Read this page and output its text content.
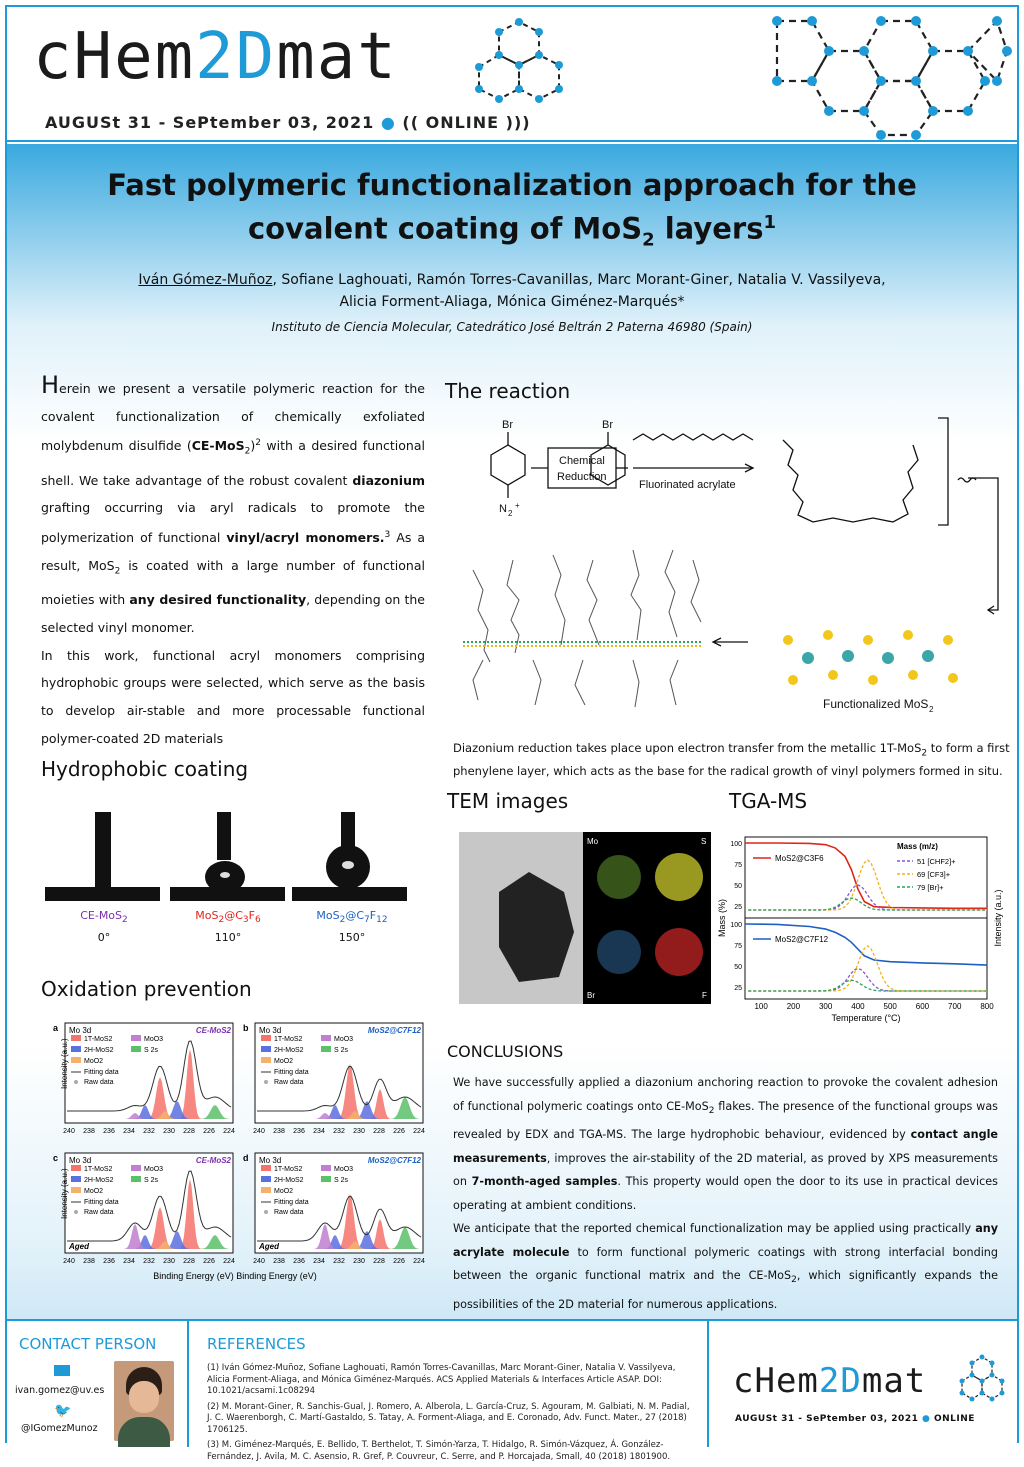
cHem2Dmat
AUGUSt 31 - SePtember 03, 2021 ● (( ONLINE )))
Fast polymeric functionalization approach for the
covalent coating of MoS$_2$ layers$^1$
Iván Gómez-Muñoz, Sofiane Laghouati, Ramón Torres-Cavanillas, Marc Morant-Giner, Natalia V. Vassilyeva,
Alicia Forment-Aliaga, Mónica Giménez-Marqués*
Instituto de Ciencia Molecular, Catedrático José Beltrán 2 Paterna 46980 (Spain)

Herein we present a versatile polymeric reaction for the covalent functionalization of chemically exfoliated molybdenum disulfide $(CE-MoS_2)^2$ with a desired functional shell. We take advantage of the robust covalent diazonium grafting occurring via aryl radicals to promote the polymerization of functional vinyl/acryl monomers.$^3$ As a result, MoS$_2$ is coated with a large number of functional moieties with any desired functionality, depending on the selected vinyl monomer.

In this work, functional acryl monomers comprising hydrophobic groups were selected, which serve as the basis to develop air-stable and more processable functional polymer-coated 2D materials

The reaction
Hydrophobic coating
Oxidation prevention
TEM images	TGA-MS
CONCLUSIONS
Br	Br
N 2
+
Chemical
Reduction
Fluorinated acrylate
Functionalized MoS 2
Diazonium reduction takes place upon electron transfer from the metallic 1T-MoS$_2$ to form a first phenylene layer, which acts as the base for the radical growth of vinyl polymers formed in situ.
CE-MoS$_2$
0°
$MoS_2@C_3F_6$
110°
$MoS_2@C_7F_{12}$
150°
a Mo 3d	CE-MoS2
1T-MoS2
2H-MoS2
MoO2
MoO3
S 2s
Fitting data
Raw data
240 238 236 234 232 230 228 226 224
Intensity (a.u.)
b Mo 3d	MoS2@C7F12
1T-MoS2
2H-MoS2
MoO2
MoO3
S 2s
Fitting data
Raw data
240 238 236 234 232 230 228 226 224
c Mo 3d	CE-MoS2
Aged
1T-MoS2
2H-MoS2
MoO2
MoO3
S 2s
Fitting data
Raw data
240 238 236 234 232 230 228 226 224
Intensity (a.u.)
d Mo 3d	MoS2@C7F12
Aged
1T-MoS2
2H-MoS2
MoO2
MoO3
S 2s
Fitting data
Raw data
240 238 236 234 232 230 228 226 224
Binding Energy (eV) Binding Energy (eV)
Mo	S
Br	F
100
75
50
25
MoS2@C3F6
100
75
50
25
MoS2@C7F12
100 200 300 400 500 600 700 800
Temperature (°C)
Mass (%)	Intensity (a.u.)
Mass (m/z)
51 [CHF2]+
69 [CF3]+
79 [Br]+

We have successfully applied a diazonium anchoring reaction to provoke the covalent adhesion of functional polymeric coatings onto CE-MoS$_2$ flakes. The presence of the functional groups was revealed by EDX and TGA-MS. The large hydrophobic behaviour, evidenced by contact angle measurements, improves the air-stability of the 2D material, as proved by XPS measurements on 7-month-aged samples. This property would open the door to its use in practical devices operating at ambient conditions.

We anticipate that the reported chemical functionalization may be applied using practically any acrylate molecule to form functional polymeric coatings with strong interfacial bonding between the organic functional matrix and the CE-MoS$_2$, which significantly expands the possibilities of the 2D material for numerous applications.

CONTACT PERSON
ivan.gomez@uv.es
🐦
@IGomezMunoz
REFERENCES

(1) Iván Gómez-Muñoz, Sofiane Laghouati, Ramón Torres-Cavanillas, Marc Morant-Giner, Natalia V. Vassilyeva, Alicia Forment-Aliaga, and Mónica Giménez-Marqués. ACS Applied Materials & Interfaces Article ASAP. DOI: 10.1021/acsami.1c08294

(2) M. Morant-Giner, R. Sanchis-Gual, J. Romero, A. Alberola, L. García-Cruz, S. Agouram, M. Galbiati, N. M. Padial, J. C. Waerenborgh, C. Martí-Gastaldo, S. Tatay, A. Forment-Aliaga, and E. Coronado, Adv. Funct. Mater., 27 (2018) 1706125.

(3) M. Giménez-Marqués, E. Bellido, T. Berthelot, T. Simón-Yarza, T. Hidalgo, R. Simón-Vázquez, Á. González-Fernández, J. Avila, M. C. Asensio, R. Gref, P. Couvreur, C. Serre, and P. Horcajada, Small, 40 (2018) 1801900.

cHem2Dmat
AUGUSt 31 - SePtember 03, 2021 ● ONLINE
